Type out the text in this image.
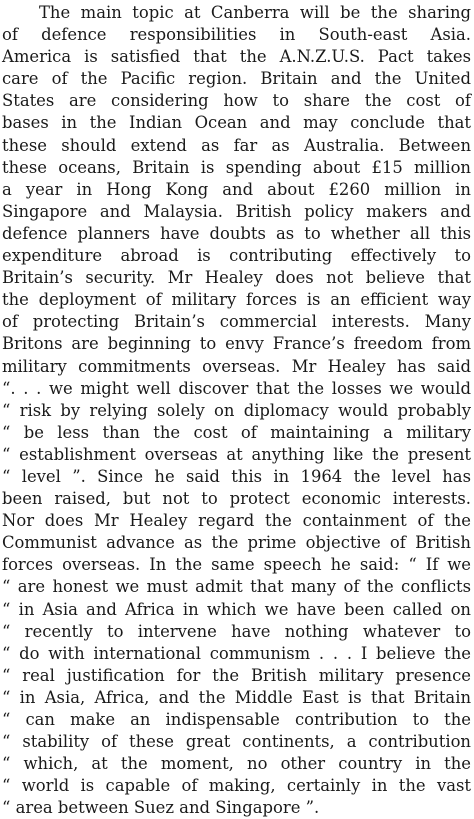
The main topic at Canberra will be the sharing
of defence responsibilities in South-east Asia.
America is satisfied that the A.N.Z.U.S. Pact takes
care of the Pacific region. Britain and the United
States are considering how to share the cost of
bases in the Indian Ocean and may conclude that
these should extend as far as Australia. Between
these oceans, Britain is spending about £15 million
a year in Hong Kong and about £260 million in
Singapore and Malaysia. British policy makers and
defence planners have doubts as to whether all this
expenditure abroad is contributing effectively to
Britain’s security. Mr Healey does not believe that
the deployment of military forces is an efficient way
of protecting Britain’s commercial interests. Many
Britons are beginning to envy France’s freedom from
military commitments overseas. Mr Healey has said
“. . . we might well discover that the losses we would
“ risk by relying solely on diplomacy would probably
“ be less than the cost of maintaining a military
“ establishment overseas at anything like the present
“ level ”. Since he said this in 1964 the level has
been raised, but not to protect economic interests.
Nor does Mr Healey regard the containment of the
Communist advance as the prime objective of British
forces overseas. In the same speech he said: “ If we
“ are honest we must admit that many of the conflicts
“ in Asia and Africa in which we have been called on
“ recently to intervene have nothing whatever to
“ do with international communism . . . I believe the
“ real justification for the British military presence
“ in Asia, Africa, and the Middle East is that Britain
“ can make an indispensable contribution to the
“ stability of these great continents, a contribution
“ which, at the moment, no other country in the
“ world is capable of making, certainly in the vast
“ area between Suez and Singapore ”.
